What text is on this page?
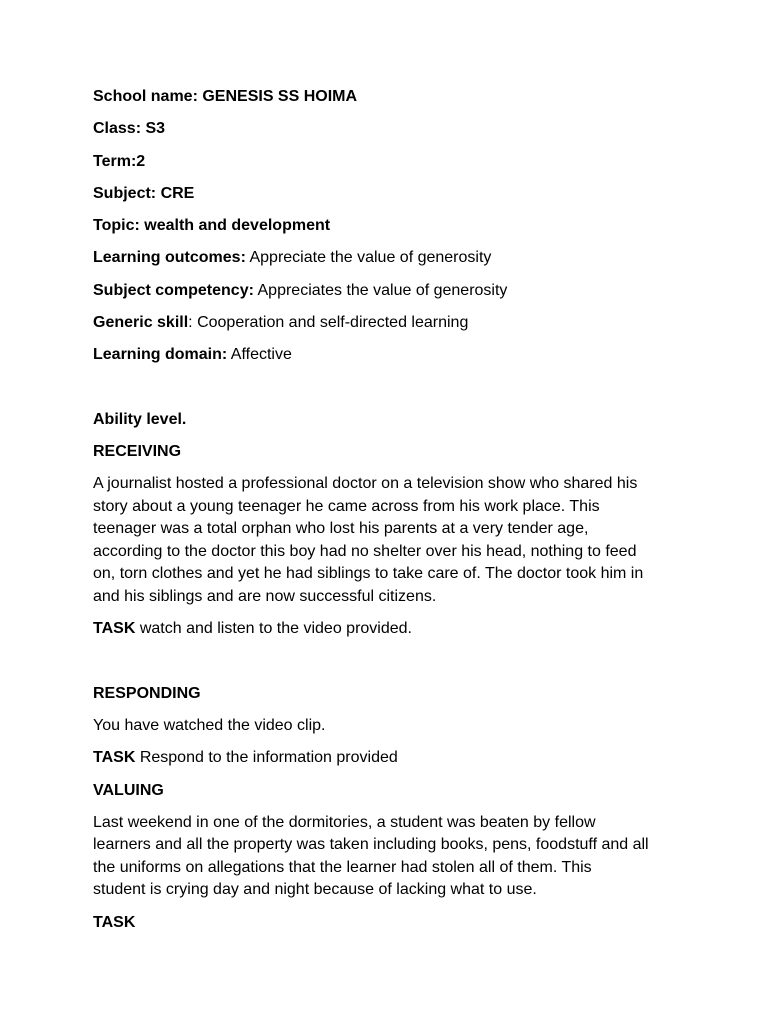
School name: GENESIS SS HOIMA

Class: S3

Term:2

Subject: CRE

Topic: wealth and development

Learning outcomes: Appreciate the value of generosity

Subject competency: Appreciates the value of generosity

Generic skill: Cooperation and self-directed learning

Learning domain: Affective

Ability level.

RECEIVING

A journalist hosted a professional doctor on a television show who shared his

story about a young teenager he came across from his work place. This

teenager was a total orphan who lost his parents at a very tender age,

according to the doctor this boy had no shelter over his head, nothing to feed

on, torn clothes and yet he had siblings to take care of. The doctor took him in

and his siblings and are now successful citizens.

TASK watch and listen to the video provided.

RESPONDING

You have watched the video clip.

TASK Respond to the information provided

VALUING

Last weekend in one of the dormitories, a student was beaten by fellow

learners and all the property was taken including books, pens, foodstuff and all

the uniforms on allegations that the learner had stolen all of them. This

student is crying day and night because of lacking what to use.

TASK
